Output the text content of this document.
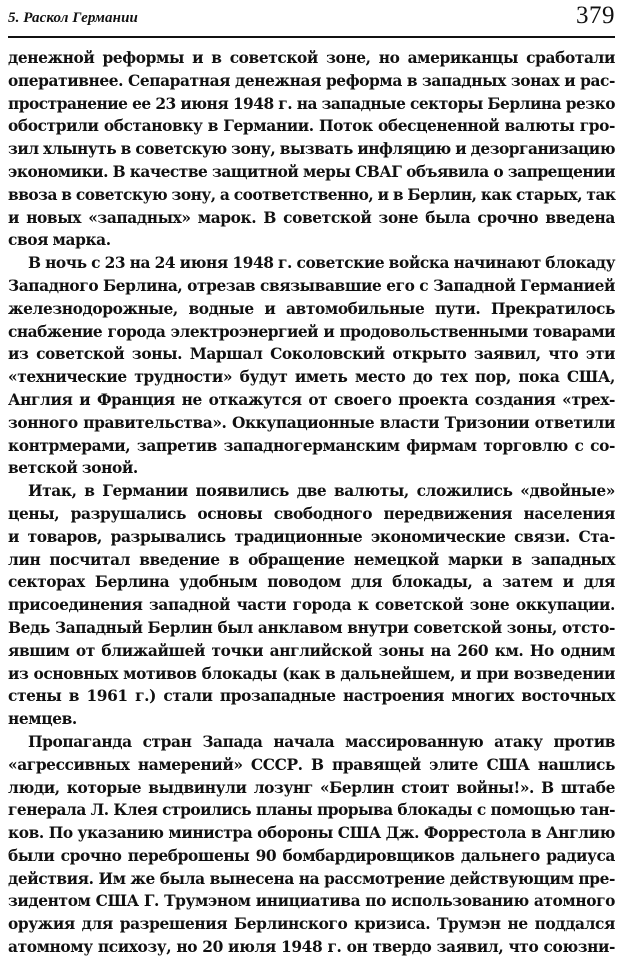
5. Раскол Германии	379
денежной реформы и в советской зоне, но американцы сработали
оперативнее. Сепаратная денежная реформа в западных зонах и рас-
пространение ее 23 июня 1948 г. на западные секторы Берлина резко
обострили обстановку в Германии. Поток обесцененной валюты гро-
зил хлынуть в советскую зону, вызвать инфляцию и дезорганизацию
экономики. В качестве защитной меры СВАГ объявила о запрещении
ввоза в советскую зону, а соответственно, и в Берлин, как старых, так
и новых «западных» марок. В советской зоне была срочно введена
своя марка.
В ночь с 23 на 24 июня 1948 г. советские войска начинают блокаду
Западного Берлина, отрезав связывавшие его с Западной Германией
железнодорожные, водные и автомобильные пути. Прекратилось
снабжение города электроэнергией и продовольственными товарами
из советской зоны. Маршал Соколовский открыто заявил, что эти
«технические трудности» будут иметь место до тех пор, пока США,
Англия и Франция не откажутся от своего проекта создания «трех-
зонного правительства». Оккупационные власти Тризонии ответили
контрмерами, запретив западногерманским фирмам торговлю с со-
ветской зоной.
Итак, в Германии появились две валюты, сложились «двойные»
цены, разрушались основы свободного передвижения населения
и товаров, разрывались традиционные экономические связи. Ста-
лин посчитал введение в обращение немецкой марки в западных
секторах Берлина удобным поводом для блокады, а затем и для
присоединения западной части города к советской зоне оккупации.
Ведь Западный Берлин был анклавом внутри советской зоны, отсто-
явшим от ближайшей точки английской зоны на 260 км. Но одним
из основных мотивов блокады (как в дальнейшем, и при возведении
стены в 1961 г.) стали прозападные настроения многих восточных
немцев.
Пропаганда стран Запада начала массированную атаку против
«агрессивных намерений» СССР. В правящей элите США нашлись
люди, которые выдвинули лозунг «Берлин стоит войны!». В штабе
генерала Л. Клея строились планы прорыва блокады с помощью тан-
ков. По указанию министра обороны США Дж. Форрестола в Англию
были срочно переброшены 90 бомбардировщиков дальнего радиуса
действия. Им же была вынесена на рассмотрение действующим пре-
зидентом США Г. Трумэном инициатива по использованию атомного
оружия для разрешения Берлинского кризиса. Трумэн не поддался
атомному психозу, но 20 июля 1948 г. он твердо заявил, что союзни-
